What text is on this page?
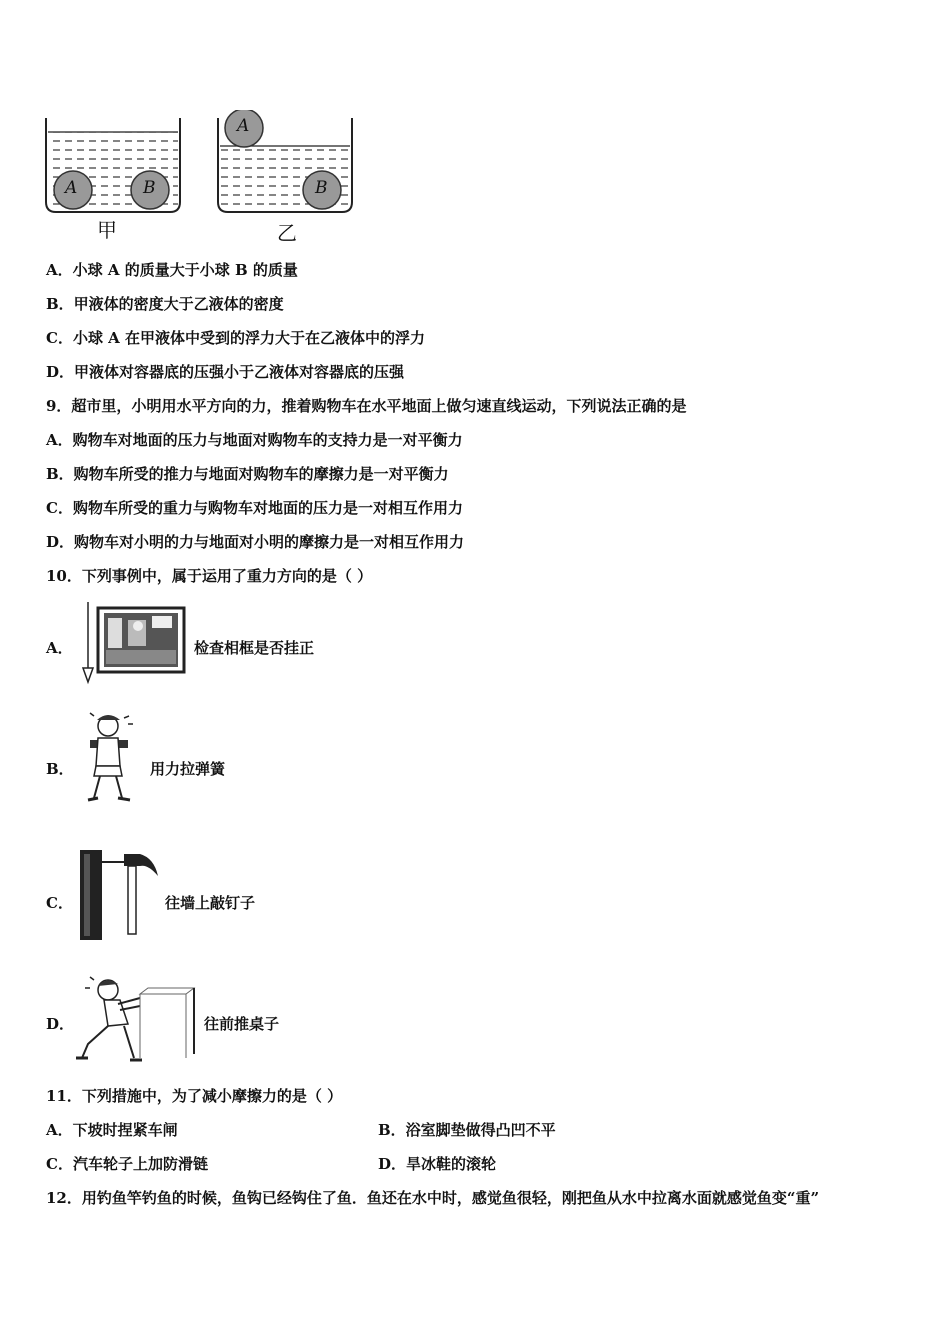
A	B
A
B
甲	乙
A．小球 A 的质量大于小球 B 的质量
B．甲液体的密度大于乙液体的密度
C．小球 A 在甲液体中受到的浮力大于在乙液体中的浮力
D．甲液体对容器底的压强小于乙液体对容器底的压强
9．超市里，小明用水平方向的力，推着购物车在水平地面上做匀速直线运动，下列说法正确的是
A．购物车对地面的压力与地面对购物车的支持力是一对平衡力
B．购物车所受的推力与地面对购物车的摩擦力是一对平衡力
C．购物车所受的重力与购物车对地面的压力是一对相互作用力
D．购物车对小明的力与地面对小明的摩擦力是一对相互作用力
10．下列事例中，属于运用了重力方向的是（ ）
A．	检查相框是否挂正
B．	用力拉弹簧
C．	往墙上敲钉子
D．	往前推桌子
11．下列措施中，为了减小摩擦力的是（ ）
A．下坡时捏紧车闸	B．浴室脚垫做得凸凹不平
C．汽车轮子上加防滑链	D．旱冰鞋的滚轮
12．用钓鱼竿钓鱼的时候，鱼钩已经钩住了鱼．鱼还在水中时，感觉鱼很轻，刚把鱼从水中拉离水面就感觉鱼变“重”
